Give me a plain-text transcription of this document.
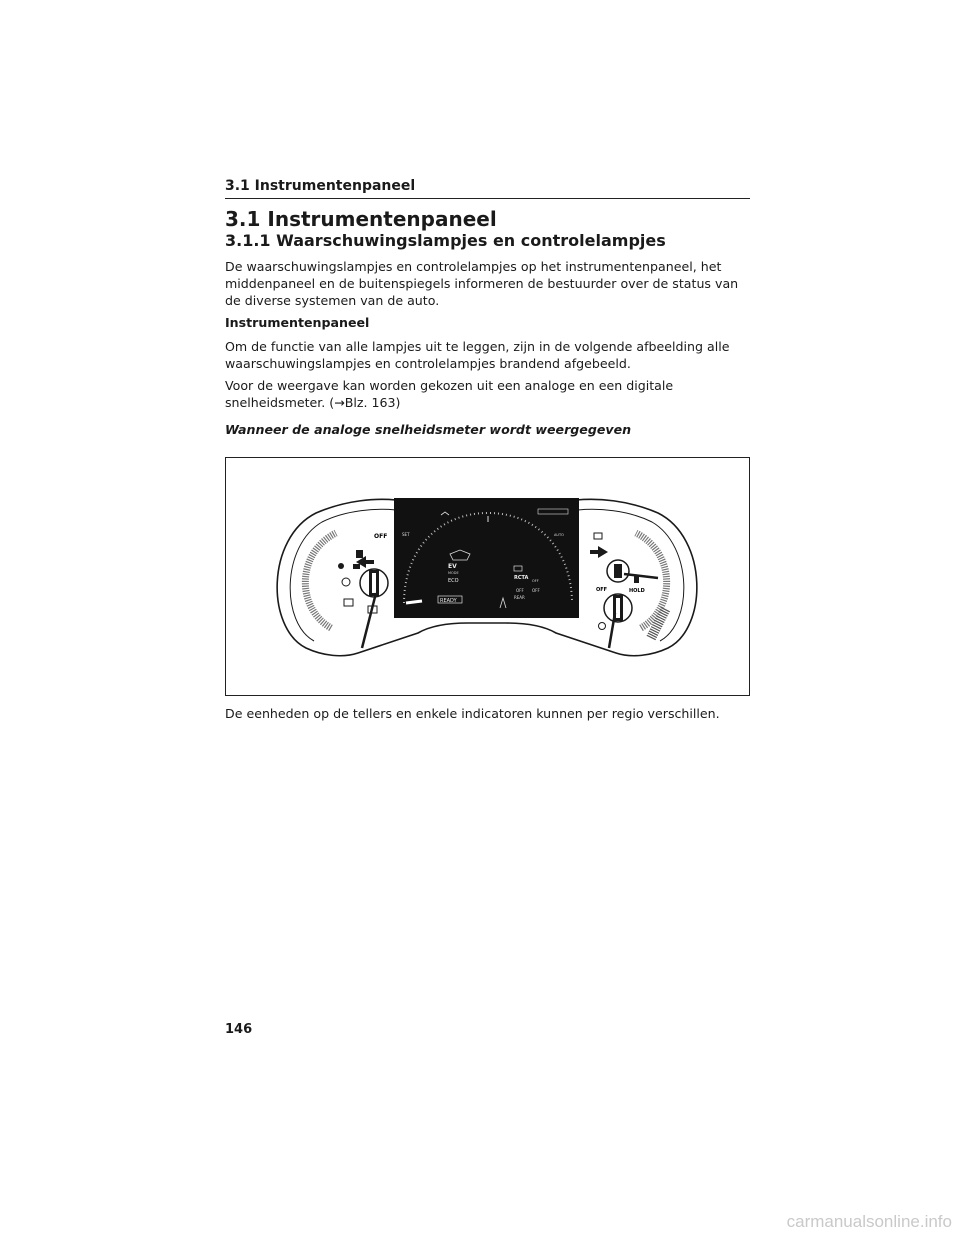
3.1 Instrumentenpaneel
3.1 Instrumentenpaneel
3.1.1 Waarschuwingslampjes en controlelampjes

De waarschuwingslampjes en controlelampjes op het instrumentenpaneel, het middenpaneel en de buitenspiegels informeren de bestuurder over de status van de diverse systemen van de auto.

Instrumentenpaneel

Om de functie van alle lampjes uit te leggen, zijn in de volgende afbeelding alle waarschuwingslampjes en controlelampjes brandend afgebeeld.

Voor de weergave kan worden gekozen uit een analoge en een digitale snelheidsmeter. (→Blz. 163)

Wanneer de analoge snelheidsmeter wordt weergegeven

OFF	SET
EV
MODE
ECO
READY
RCTA OFF
OFF OFF
REAR
AUTO
OFF	HOLD

De eenheden op de tellers en enkele indicatoren kunnen per regio verschillen.

146
carmanualsonline.info
